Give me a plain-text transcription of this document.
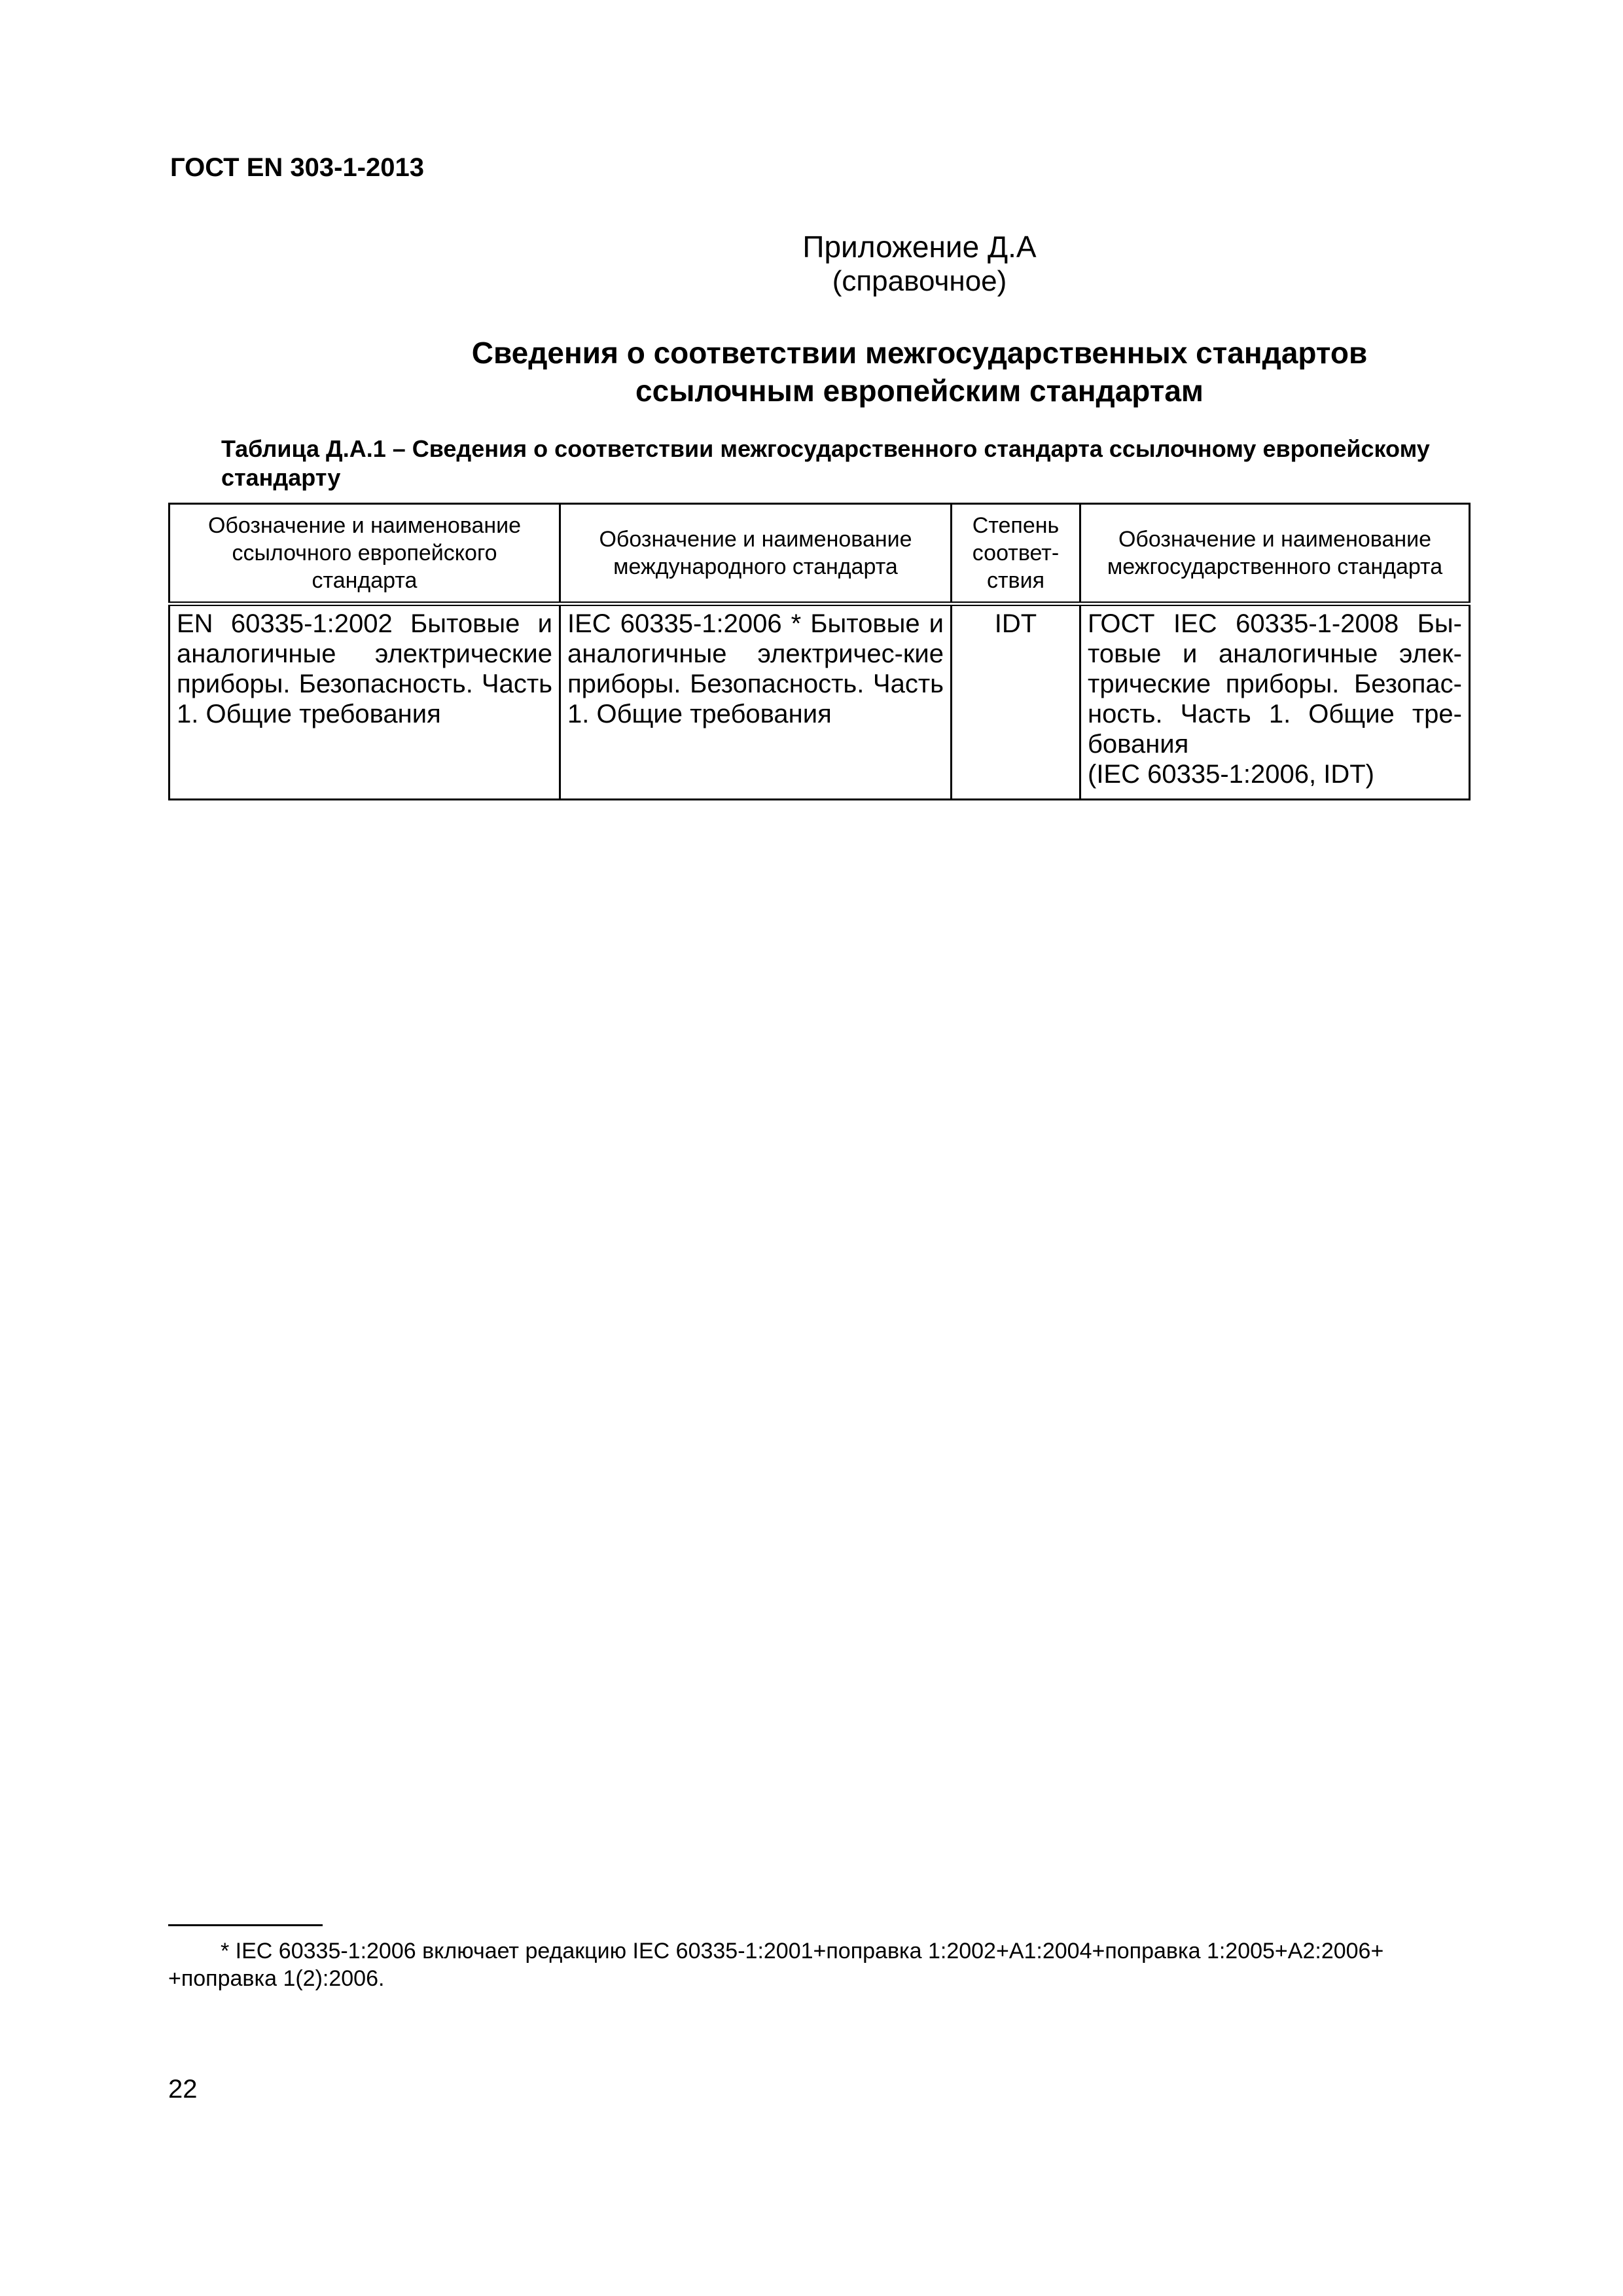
ГОСТ EN 303-1-2013
Приложение Д.А
(справочное)
Сведения о соответствии межгосударственных стандартов
ссылочным европейским стандартам
Таблица Д.А.1 – Сведения о соответствии межгосударственного стандарта ссылочному европейскому стандарту
Обозначение и наименование ссылочного европейского стандарта	Обозначение и наименование международного стандарта	Степень соответ-ствия	Обозначение и наименование межгосударственного стандарта
EN 60335-1:2002 Бытовые и аналогичные электрические приборы. Безопасность. Часть 1. Общие требования	IEC 60335-1:2006 * Бытовые и аналогичные электричес-кие приборы. Безопасность. Часть 1. Общие требования	IDT	ГОСТ IEC 60335-1-2008 Бы-товые и аналогичные элек-трические приборы. Безопас-ность. Часть 1. Общие тре-бования
(IEC 60335-1:2006, IDT)
* IEC 60335-1:2006 включает редакцию IEC 60335-1:2001+поправка 1:2002+A1:2004+поправка 1:2005+A2:2006+
+поправка 1(2):2006.
22
